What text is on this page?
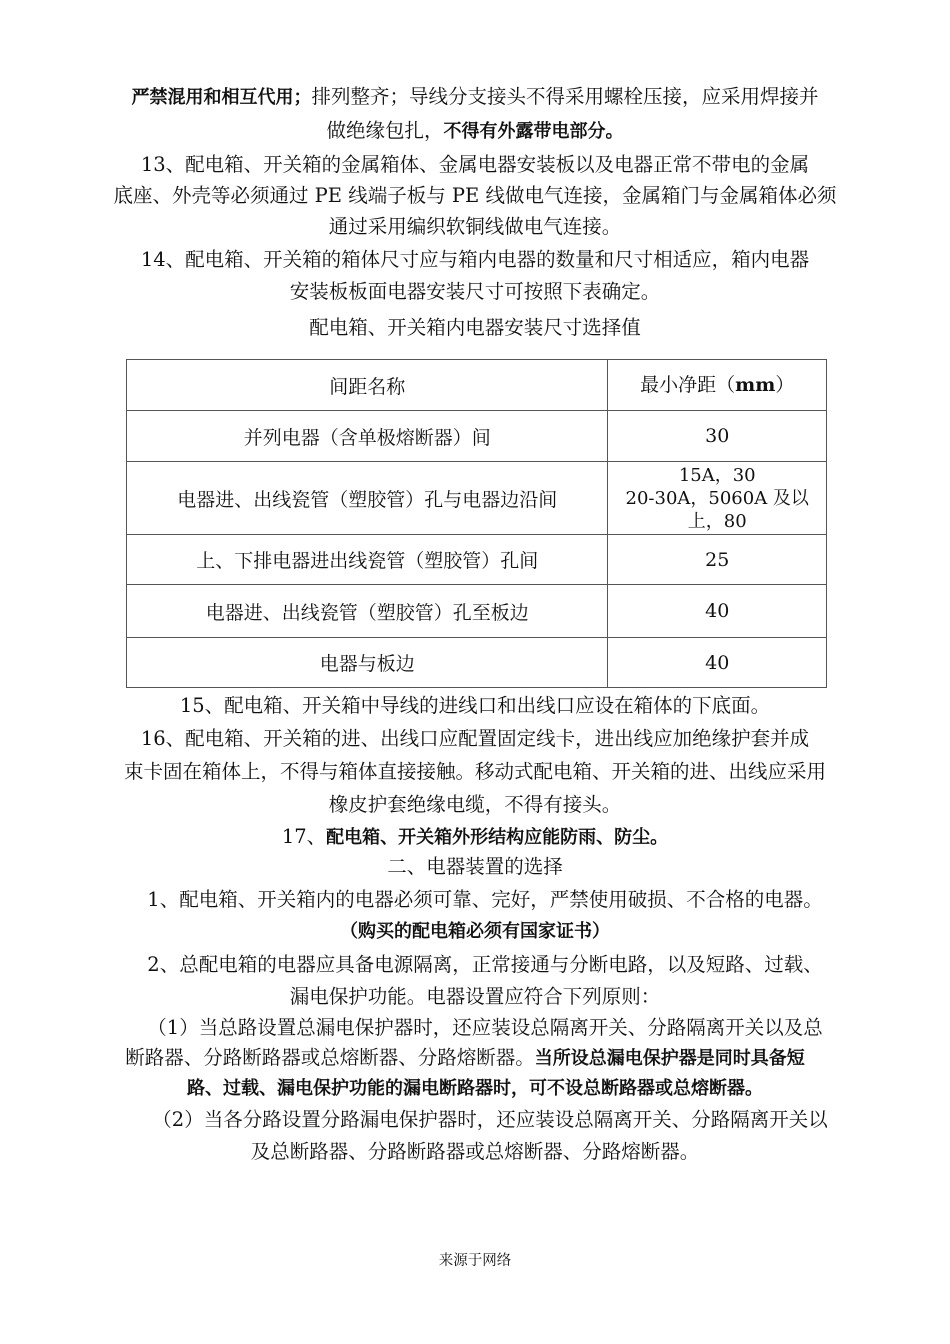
严禁混用和相互代用；排列整齐；导线分支接头不得采用螺栓压接，应采用焊接并
做绝缘包扎，不得有外露带电部分。
13、配电箱、开关箱的金属箱体、金属电器安装板以及电器正常不带电的金属
底座、外壳等必须通过 PE 线端子板与 PE 线做电气连接，金属箱门与金属箱体必须
通过采用编织软铜线做电气连接。
14、配电箱、开关箱的箱体尺寸应与箱内电器的数量和尺寸相适应，箱内电器
安装板板面电器安装尺寸可按照下表确定。
配电箱、开关箱内电器安装尺寸选择值
间距名称	最小净距（mm）
并列电器（含单极熔断器）间	30
电器进、出线瓷管（塑胶管）孔与电器边沿间	15A，30
20-30A，5060A 及以
上，80

上、下排电器进出线瓷管（塑胶管）孔间	25
电器进、出线瓷管（塑胶管）孔至板边	40
电器与板边	40
15、配电箱、开关箱中导线的进线口和出线口应设在箱体的下底面。
16、配电箱、开关箱的进、出线口应配置固定线卡，进出线应加绝缘护套并成
束卡固在箱体上，不得与箱体直接接触。移动式配电箱、开关箱的进、出线应采用
橡皮护套绝缘电缆，不得有接头。
17、配电箱、开关箱外形结构应能防雨、防尘。
二、电器装置的选择
1、配电箱、开关箱内的电器必须可靠、完好，严禁使用破损、不合格的电器。
（购买的配电箱必须有国家证书）
2、总配电箱的电器应具备电源隔离，正常接通与分断电路，以及短路、过载、
漏电保护功能。电器设置应符合下列原则：
（1）当总路设置总漏电保护器时，还应装设总隔离开关、分路隔离开关以及总
断路器、分路断路器或总熔断器、分路熔断器。当所设总漏电保护器是同时具备短
路、过载、漏电保护功能的漏电断路器时，可不设总断路器或总熔断器。
（2）当各分路设置分路漏电保护器时，还应装设总隔离开关、分路隔离开关以
及总断路器、分路断路器或总熔断器、分路熔断器。
来源于网络
